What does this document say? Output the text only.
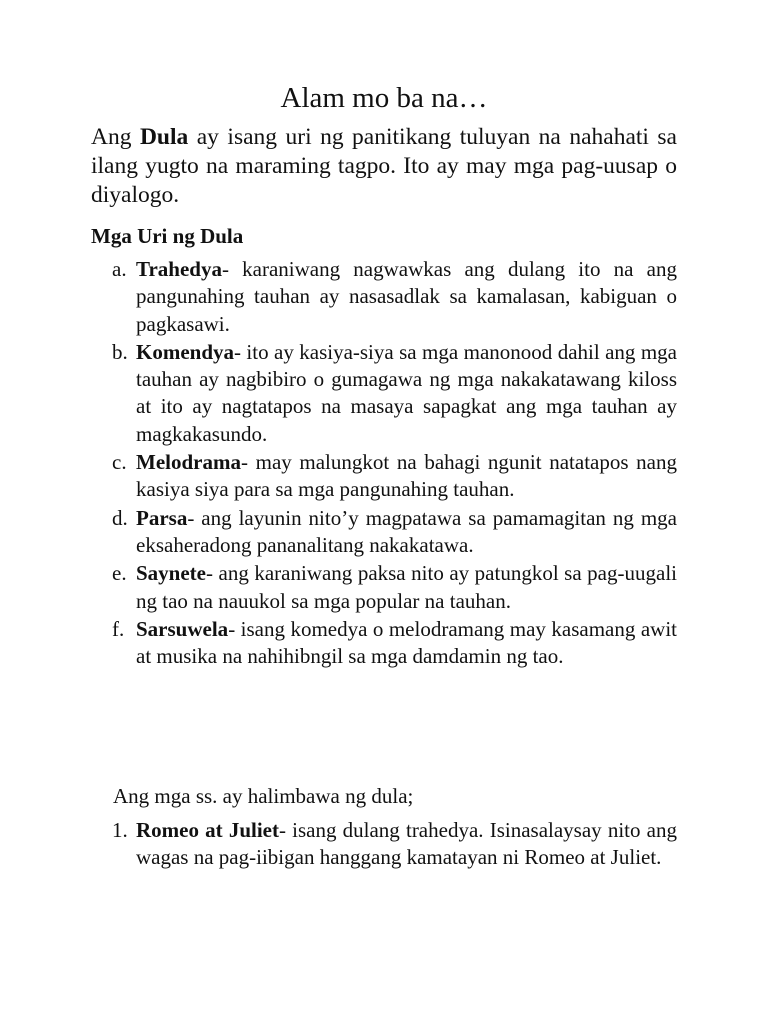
Alam mo ba na…

Ang Dula ay isang uri ng panitikang tuluyan na nahahati sa ilang yugto na maraming tagpo. Ito ay may mga pag-uusap o diyalogo.

Mga Uri ng Dula
a. Trahedya- karaniwang nagwawkas ang dulang ito na ang pangunahing tauhan ay nasasadlak sa kamalasan, kabiguan o pagkasawi.
b. Komendya- ito ay kasiya-siya sa mga manonood dahil ang mga tauhan ay nagbibiro o gumagawa ng mga nakakatawang kiloss at ito ay nagtatapos na masaya sapagkat ang mga tauhan ay magkakasundo.
c. Melodrama- may malungkot na bahagi ngunit natatapos nang kasiya siya para sa mga pangunahing tauhan.
d. Parsa- ang layunin nito’y magpatawa sa pamamagitan ng mga eksaheradong pananalitang nakakatawa.
e. Saynete- ang karaniwang paksa nito ay patungkol sa pag-uugali ng tao na nauukol sa mga popular na tauhan.
f. Sarsuwela- isang komedya o melodramang may kasamang awit at musika na nahihibngil sa mga damdamin ng tao.

Ang mga ss. ay halimbawa ng dula;

1. Romeo at Juliet- isang dulang trahedya. Isinasalaysay nito ang wagas na pag-iibigan hanggang kamatayan ni Romeo at Juliet.
